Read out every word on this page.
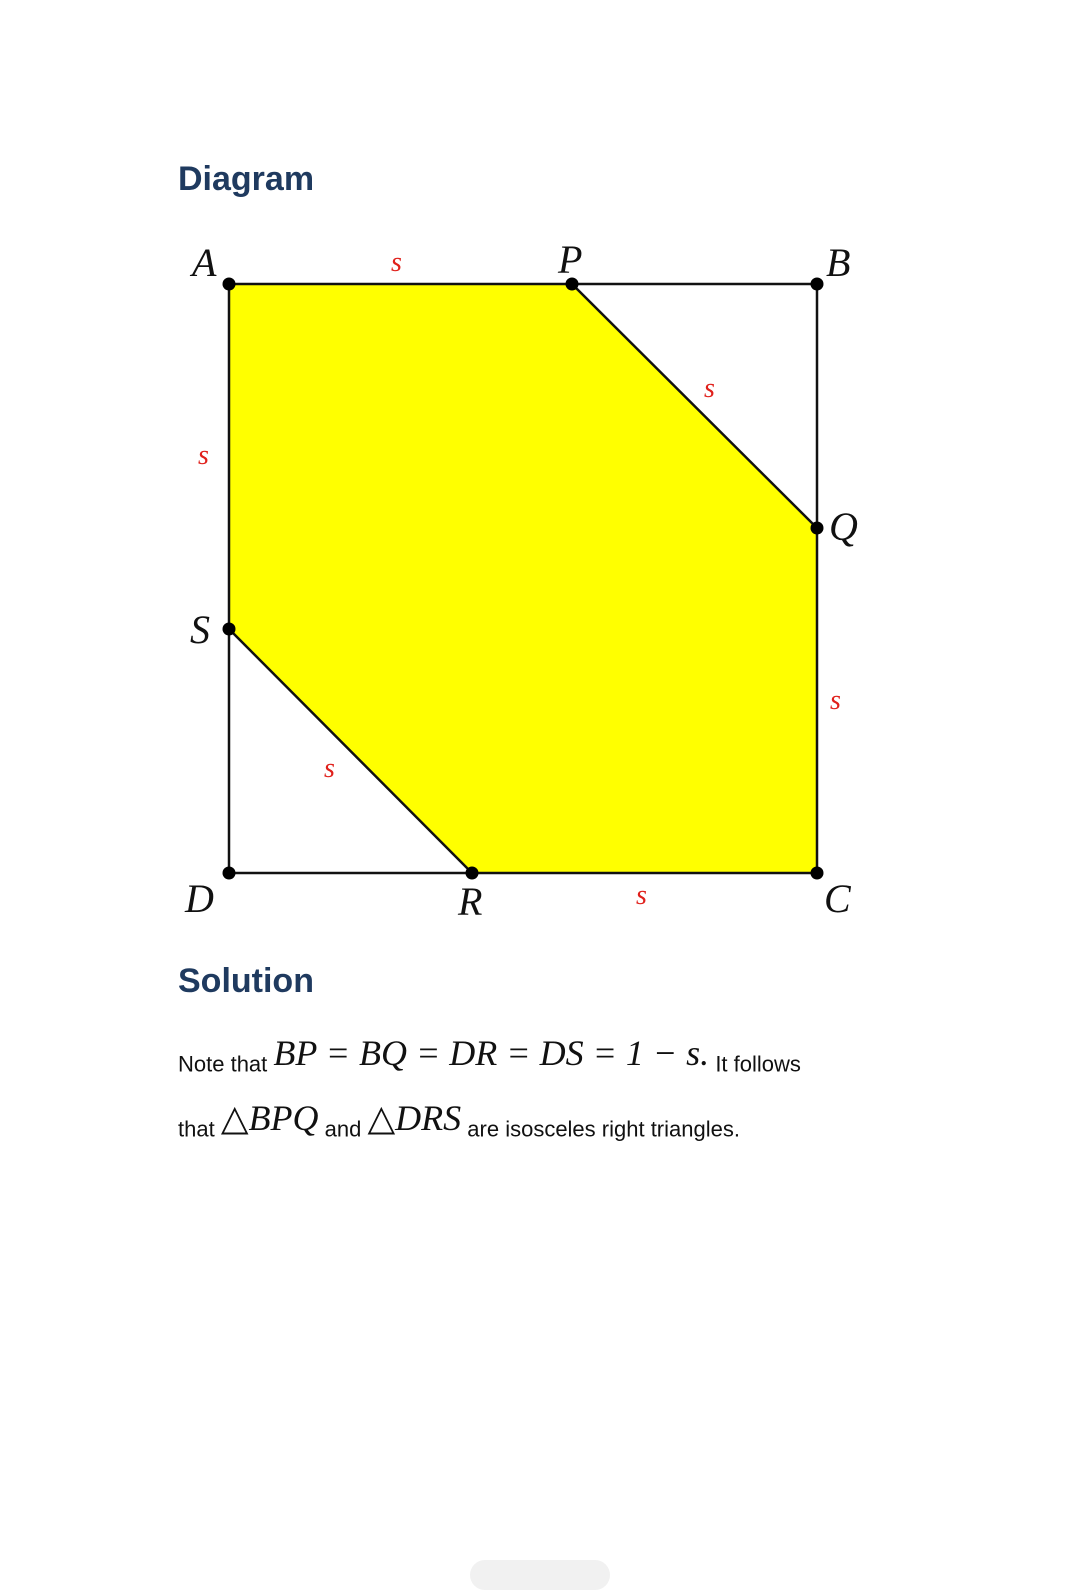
Diagram
A	P	B
Q
S
D	R	C
s
s
s
s
s
s
Solution

Note that BP = BQ = DR = DS = 1 − s. It follows

that △BPQ and △DRS are isosceles right triangles.
